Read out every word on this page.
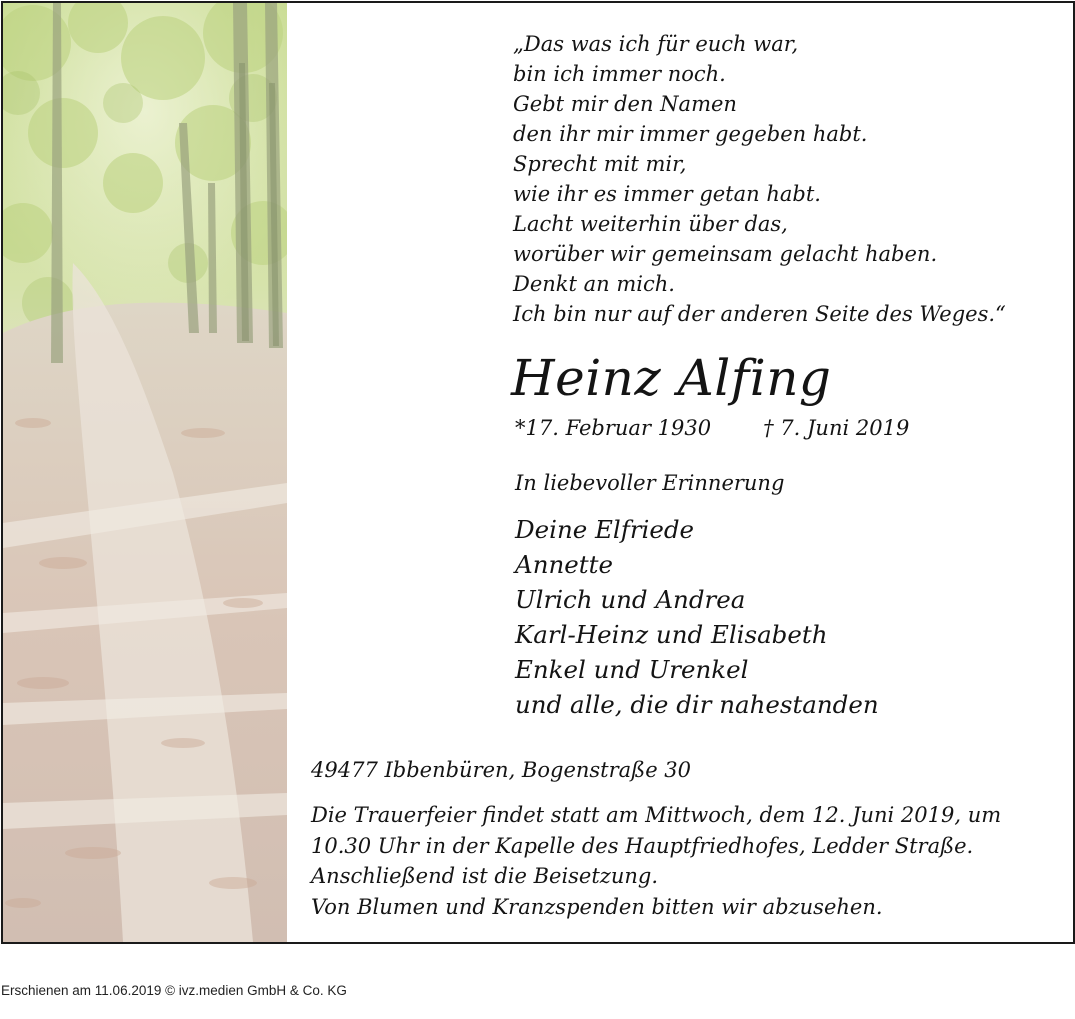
„Das was ich für euch war,
bin ich immer noch.
Gebt mir den Namen
den ihr mir immer gegeben habt.
Sprecht mit mir,
wie ihr es immer getan habt.
Lacht weiterhin über das,
worüber wir gemeinsam gelacht haben.
Denkt an mich.
Ich bin nur auf der anderen Seite des Weges.“
Heinz Alfing
*17. Februar 1930 † 7. Juni 2019
In liebevoller Erinnerung
Deine Elfriede
Annette
Ulrich und Andrea
Karl-Heinz und Elisabeth
Enkel und Urenkel
und alle, die dir nahestanden
49477 Ibbenbüren, Bogenstraße 30
Die Trauerfeier findet statt am Mittwoch, dem 12. Juni 2019, um
10.30 Uhr in der Kapelle des Hauptfriedhofes, Ledder Straße.
Anschließend ist die Beisetzung.
Von Blumen und Kranzspenden bitten wir abzusehen.
Erschienen am 11.06.2019 © ivz.medien GmbH & Co. KG
